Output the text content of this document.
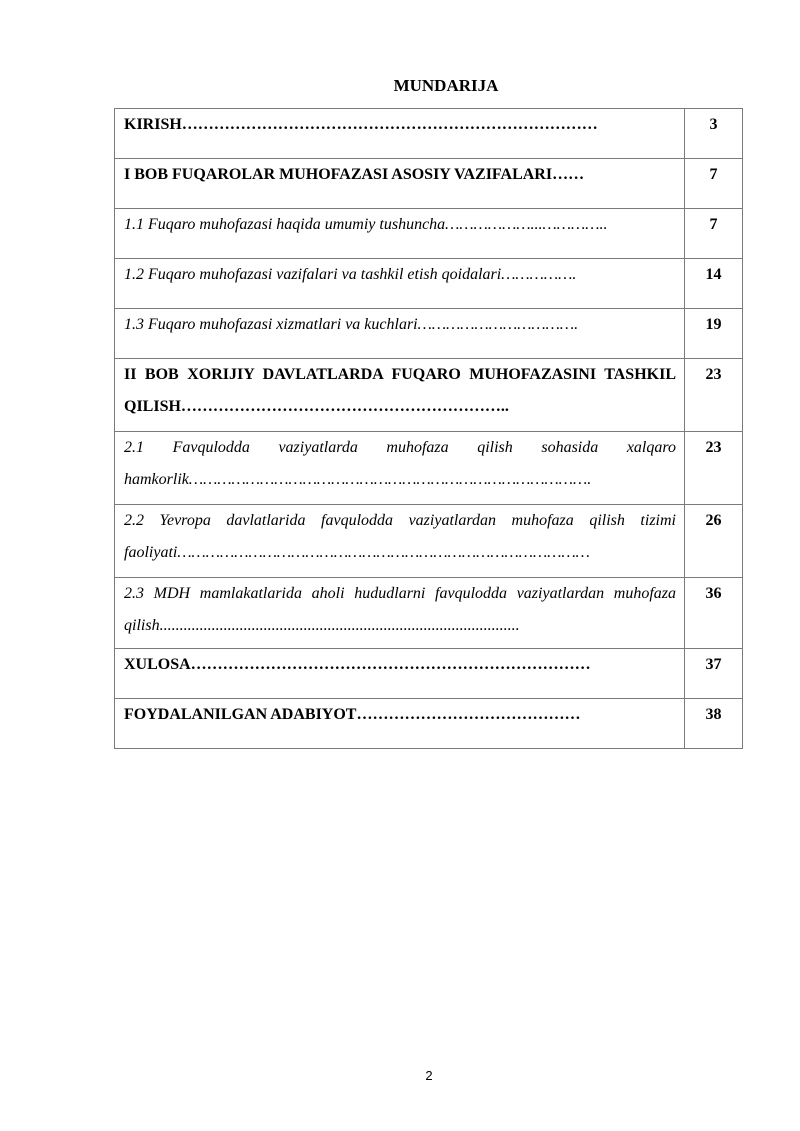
MUNDARIJA
KIRISH……………………………………………………………………	3

I BOB FUQAROLAR MUHOFAZASI ASOSIY VAZIFALARI……	7

1.1 Fuqaro muhofazasi haqida umumiy tushuncha………………...…………..	7

1.2 Fuqaro muhofazasi vazifalari va tashkil etish qoidalari…………….	14

1.3 Fuqaro muhofazasi xizmatlari va kuchlari…………………………….	19

II BOB XORIJIY DAVLATLARDA FUQARO MUHOFAZASINI TASHKIL QILISH……………………………………………………..	23

2.1 Favqulodda vaziyatlarda muhofaza qilish sohasida xalqaro hamkorlik………………………………………………………………………….	23

2.2 Yevropa davlatlarida favqulodda vaziyatlardan muhofaza qilish tizimi faoliyati……………………………………………………………………………	26

2.3 MDH mamlakatlarida aholi hududlarni favqulodda vaziyatlardan muhofaza qilish..........................................................................................	36

XULOSA…………………………………………………………………	37

FOYDALANILGAN ADABIYOT……………………………………	38
2
